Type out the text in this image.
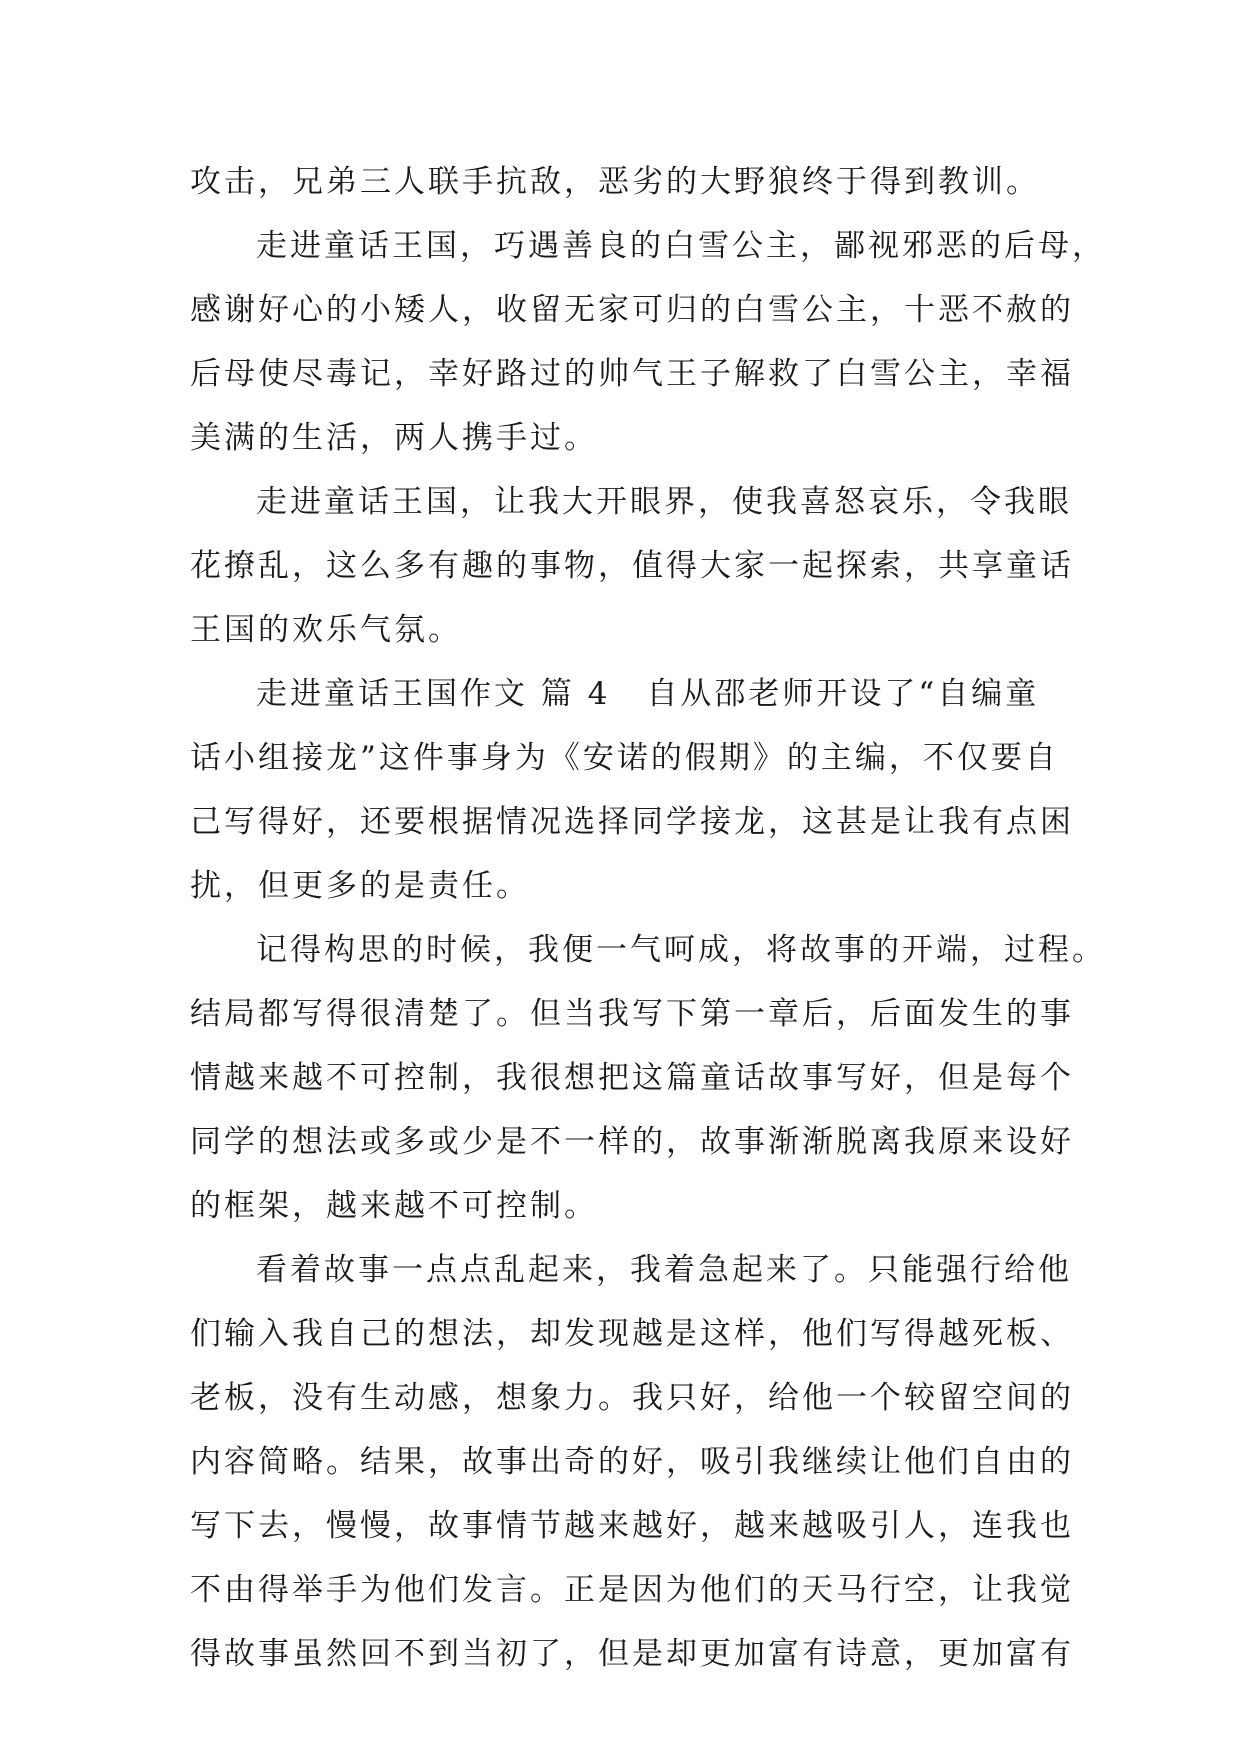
攻击，兄弟三人联手抗敌，恶劣的大野狼终于得到教训。
走进童话王国，巧遇善良的白雪公主，鄙视邪恶的后母，
感谢好心的小矮人，收留无家可归的白雪公主，十恶不赦的
后母使尽毒记，幸好路过的帅气王子解救了白雪公主，幸福
美满的生活，两人携手过。
走进童话王国，让我大开眼界，使我喜怒哀乐，令我眼
花撩乱，这么多有趣的事物，值得大家一起探索，共享童话
王国的欢乐气氛。
走进童话王国作文 篇 4 自从邵老师开设了“自编童
话小组接龙”这件事身为《安诺的假期》的主编，不仅要自
己写得好，还要根据情况选择同学接龙，这甚是让我有点困
扰，但更多的是责任。
记得构思的时候，我便一气呵成，将故事的开端，过程。
结局都写得很清楚了。但当我写下第一章后，后面发生的事
情越来越不可控制，我很想把这篇童话故事写好，但是每个
同学的想法或多或少是不一样的，故事渐渐脱离我原来设好
的框架，越来越不可控制。
看着故事一点点乱起来，我着急起来了。只能强行给他
们输入我自己的想法，却发现越是这样，他们写得越死板、
老板，没有生动感，想象力。我只好，给他一个较留空间的
内容简略。结果，故事出奇的好，吸引我继续让他们自由的
写下去，慢慢，故事情节越来越好，越来越吸引人，连我也
不由得举手为他们发言。正是因为他们的天马行空，让我觉
得故事虽然回不到当初了，但是却更加富有诗意，更加富有
